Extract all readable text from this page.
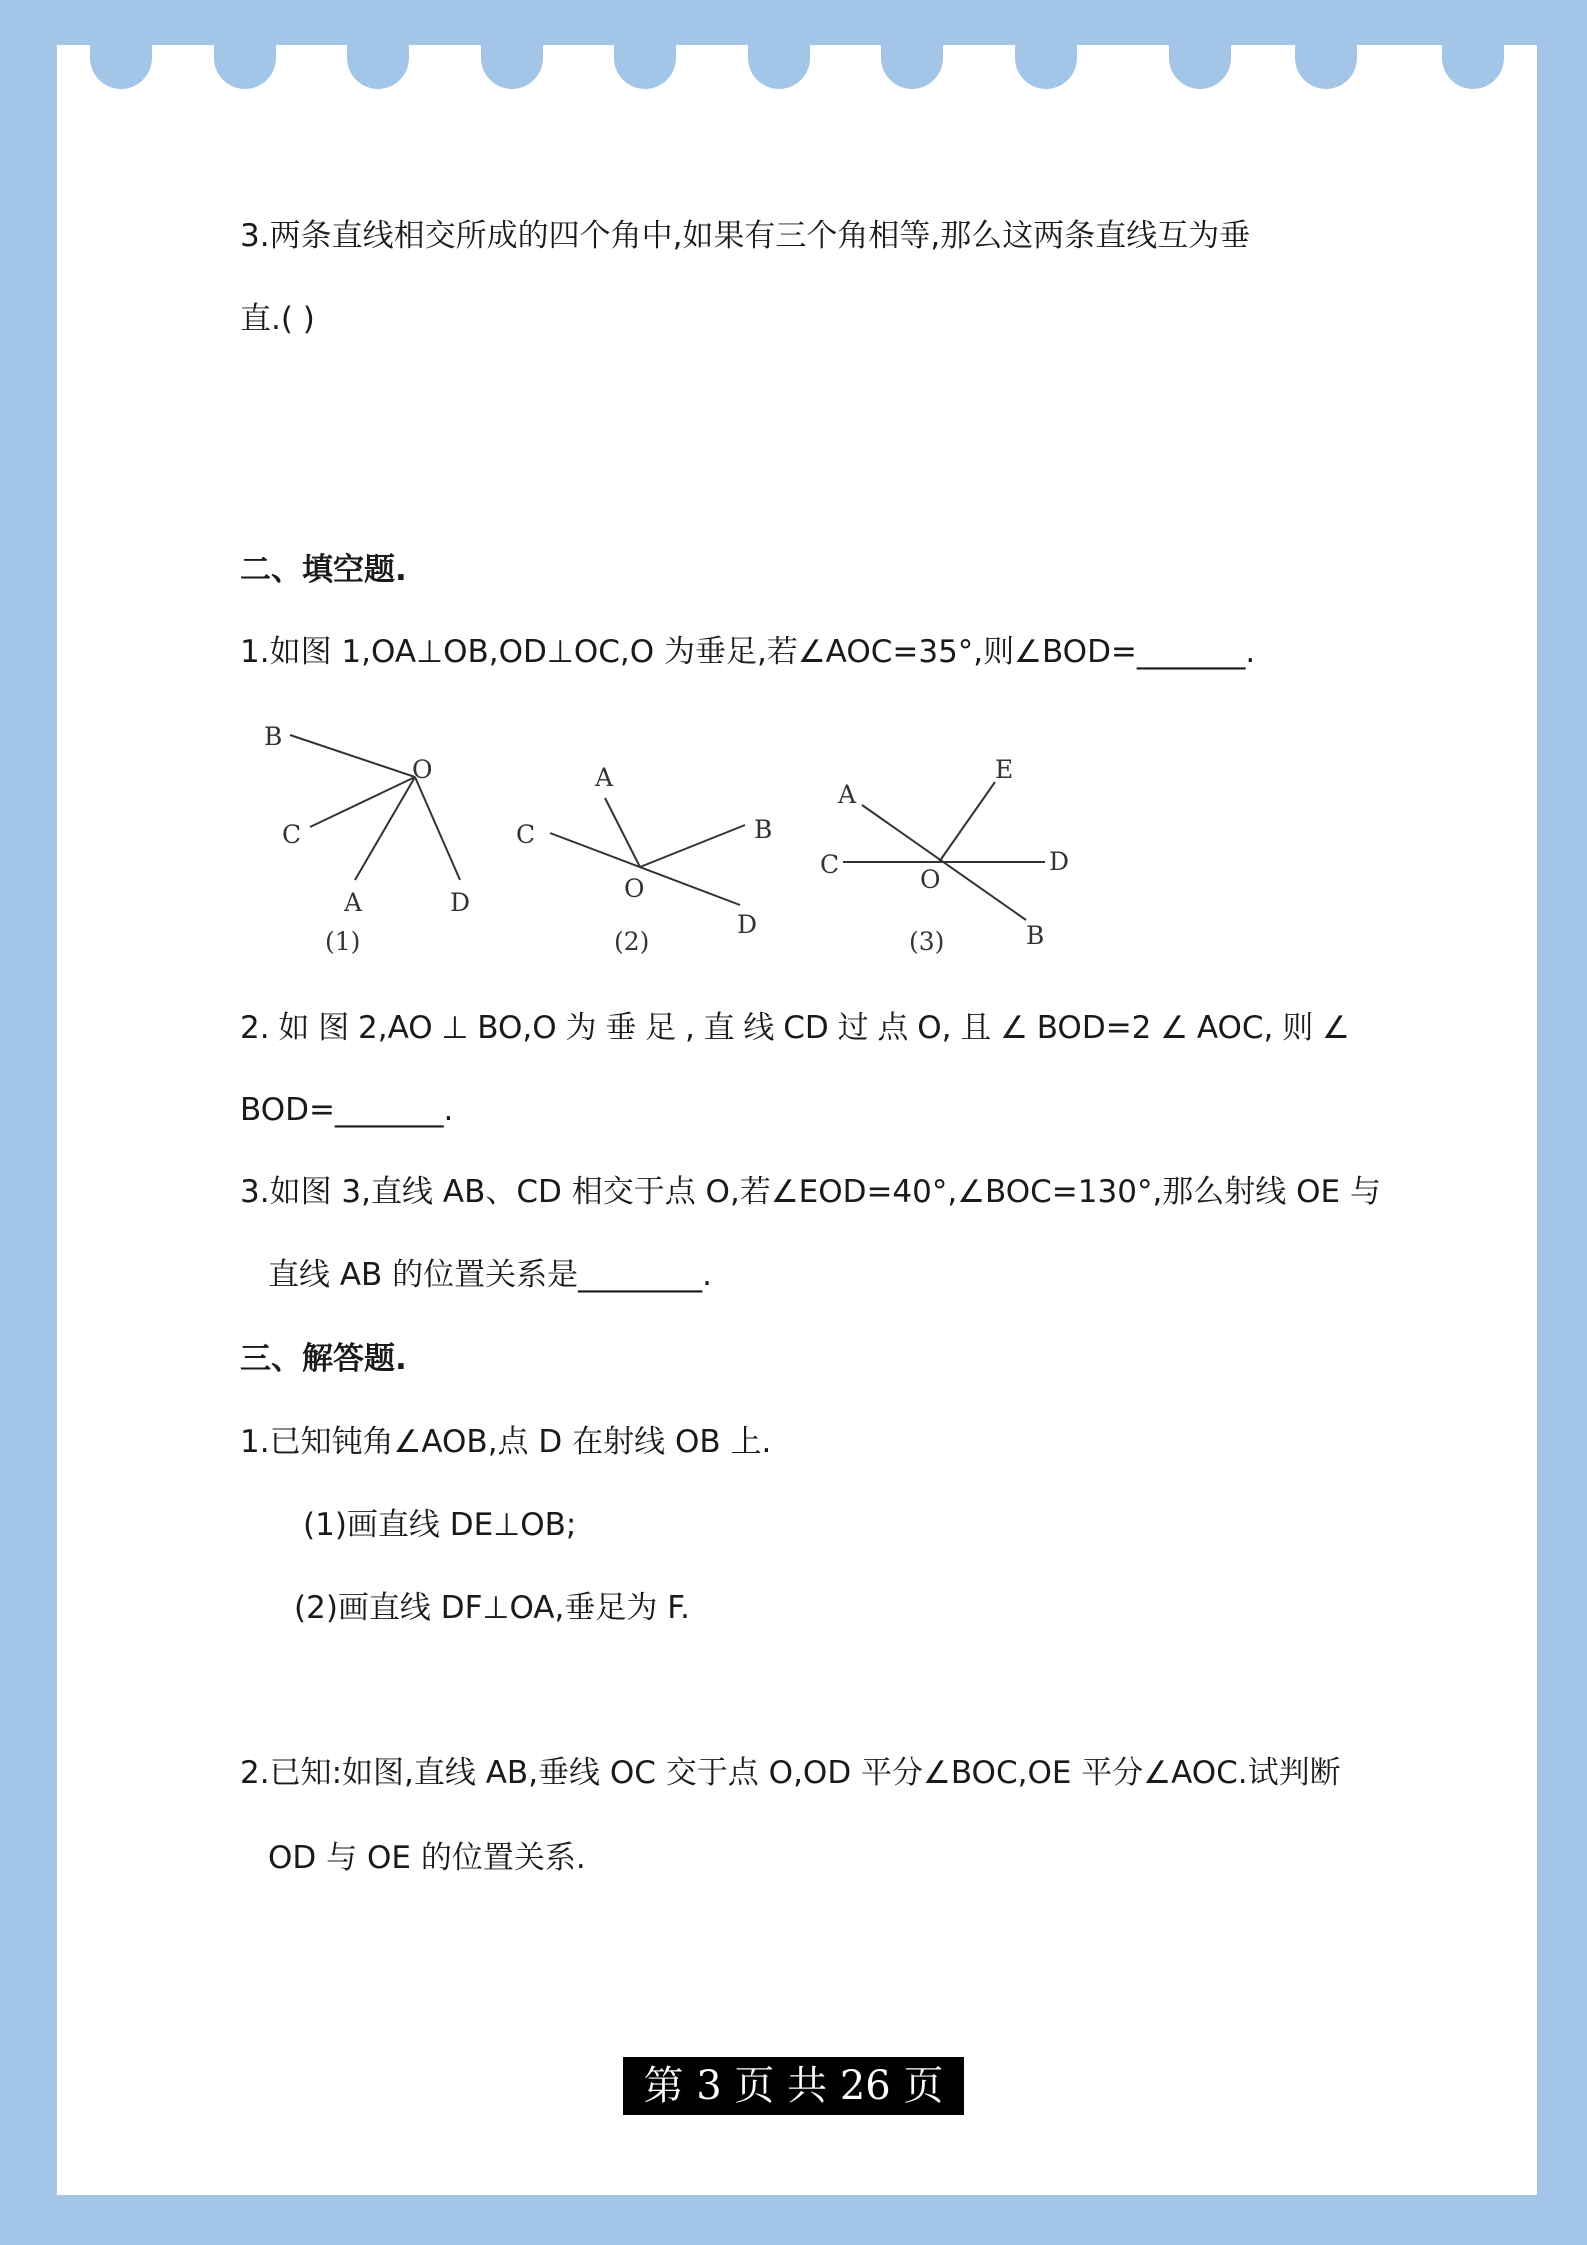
3.两条直线相交所成的四个角中,如果有三个角相等,那么这两条直线互为垂
直.( )
二、填空题.
1.如图 1,OA⊥OB,OD⊥OC,O 为垂足,若∠AOC=35°,则∠BOD=_______.
B
O
C
A	D
(1)
A
C	B
O
D
(2)
A
E
C
O
D
B
(3)
2. 如 图 2,AO ⊥ BO,O 为 垂 足 , 直 线 CD 过 点 O, 且 ∠ BOD=2 ∠ AOC, 则 ∠
BOD=_______.
3.如图 3,直线 AB、CD 相交于点 O,若∠EOD=40°,∠BOC=130°,那么射线 OE 与
直线 AB 的位置关系是________.
三、解答题.
1.已知钝角∠AOB,点 D 在射线 OB 上.
(1)画直线 DE⊥OB;
(2)画直线 DF⊥OA,垂足为 F.
2.已知:如图,直线 AB,垂线 OC 交于点 O,OD 平分∠BOC,OE 平分∠AOC.试判断
OD 与 OE 的位置关系.
第 3 页 共 26 页
